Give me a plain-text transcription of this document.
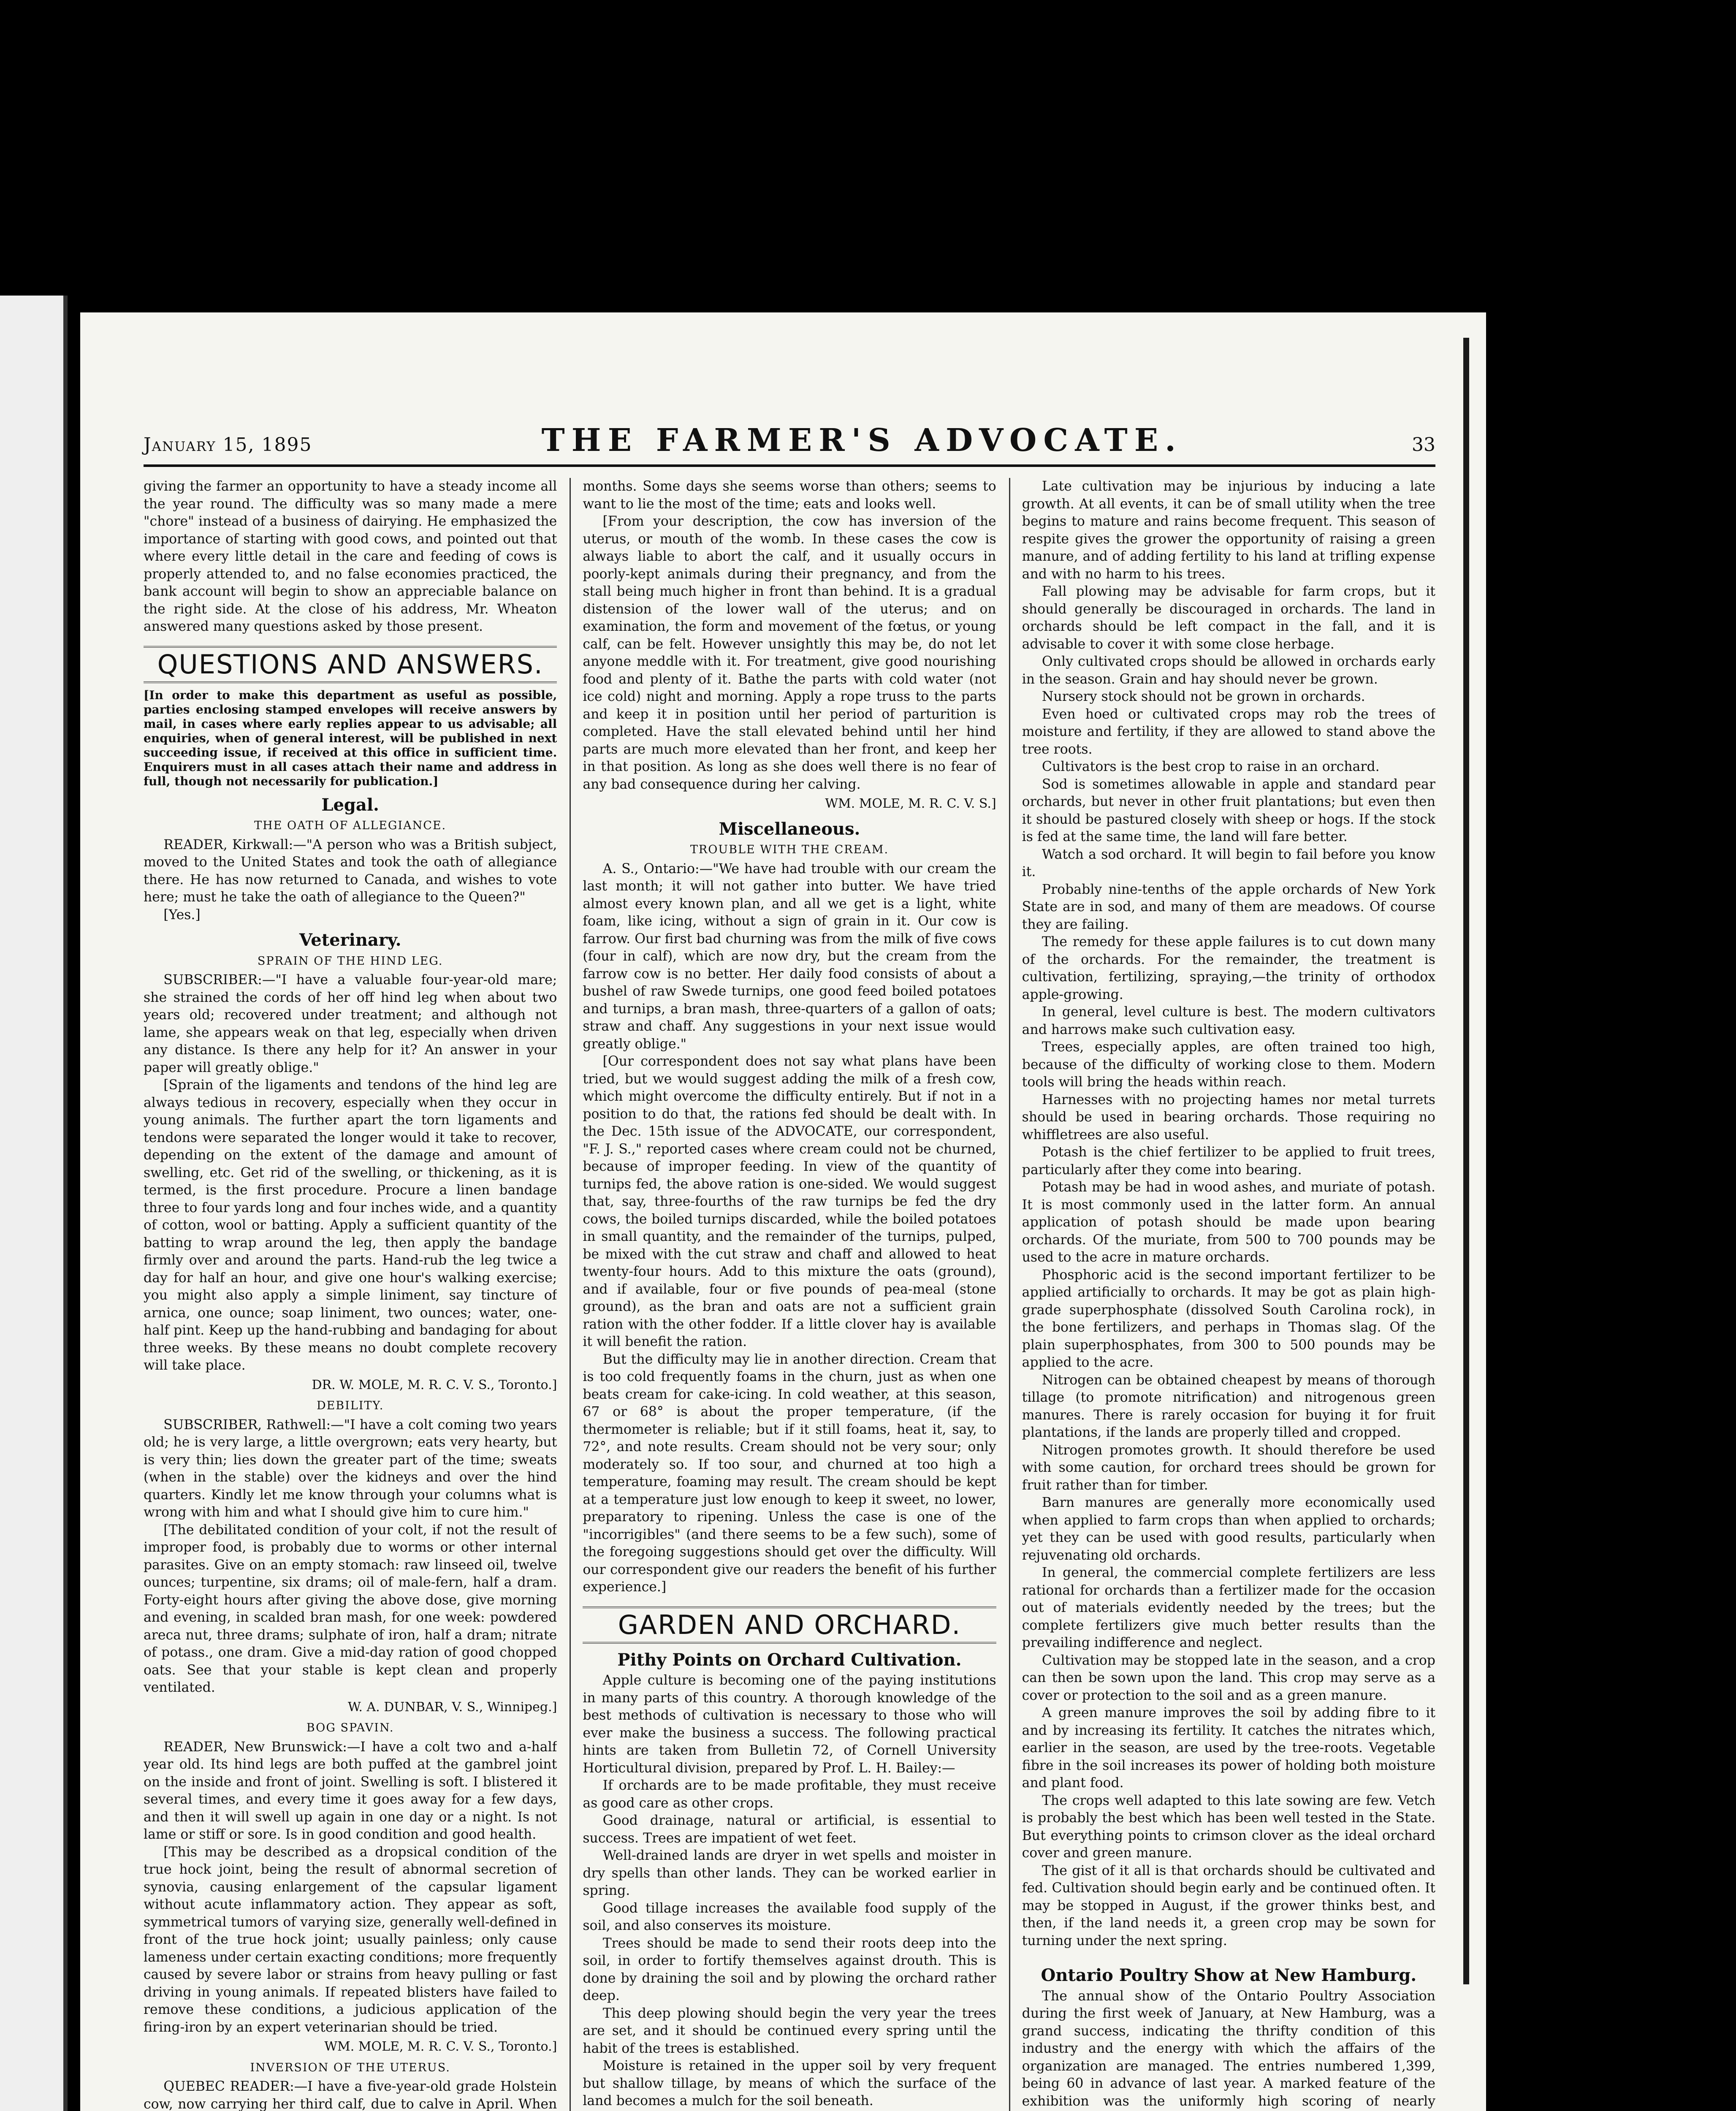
January 15, 1895	THE FARMER'S ADVOCATE.	33

giving the farmer an opportunity to have a steady income all the year round. The difficulty was so many made a mere "chore" instead of a business of dairying. He emphasized the importance of starting with good cows, and pointed out that where every little detail in the care and feeding of cows is properly attended to, and no false economies practiced, the bank account will begin to show an appreciable balance on the right side. At the close of his address, Mr. Wheaton answered many questions asked by those present.

QUESTIONS AND ANSWERS.
[In order to make this department as useful as possible, parties enclosing stamped envelopes will receive answers by mail, in cases where early replies appear to us advisable; all enquiries, when of general interest, will be published in next succeeding issue, if received at this office in sufficient time. Enquirers must in all cases attach their name and address in full, though not necessarily for publication.]
Legal.
THE OATH OF ALLEGIANCE.

READER, Kirkwall:—"A person who was a British subject, moved to the United States and took the oath of allegiance there. He has now returned to Canada, and wishes to vote here; must he take the oath of allegiance to the Queen?"

[Yes.]

Veterinary.
SPRAIN OF THE HIND LEG.

SUBSCRIBER:—"I have a valuable four-year-old mare; she strained the cords of her off hind leg when about two years old; recovered under treatment; and although not lame, she appears weak on that leg, especially when driven any distance. Is there any help for it? An answer in your paper will greatly oblige."

[Sprain of the ligaments and tendons of the hind leg are always tedious in recovery, especially when they occur in young animals. The further apart the torn ligaments and tendons were separated the longer would it take to recover, depending on the extent of the damage and amount of swelling, etc. Get rid of the swelling, or thickening, as it is termed, is the first procedure. Procure a linen bandage three to four yards long and four inches wide, and a quantity of cotton, wool or batting. Apply a sufficient quantity of the batting to wrap around the leg, then apply the bandage firmly over and around the parts. Hand-rub the leg twice a day for half an hour, and give one hour's walking exercise; you might also apply a simple liniment, say tincture of arnica, one ounce; soap liniment, two ounces; water, one-half pint. Keep up the hand-rubbing and bandaging for about three weeks. By these means no doubt complete recovery will take place.

DR. W. MOLE, M. R. C. V. S., Toronto.]
DEBILITY.

SUBSCRIBER, Rathwell:—"I have a colt coming two years old; he is very large, a little overgrown; eats very hearty, but is very thin; lies down the greater part of the time; sweats (when in the stable) over the kidneys and over the hind quarters. Kindly let me know through your columns what is wrong with him and what I should give him to cure him."

[The debilitated condition of your colt, if not the result of improper food, is probably due to worms or other internal parasites. Give on an empty stomach: raw linseed oil, twelve ounces; turpentine, six drams; oil of male-fern, half a dram. Forty-eight hours after giving the above dose, give morning and evening, in scalded bran mash, for one week: powdered areca nut, three drams; sulphate of iron, half a dram; nitrate of potass., one dram. Give a mid-day ration of good chopped oats. See that your stable is kept clean and properly ventilated.

W. A. DUNBAR, V. S., Winnipeg.]
BOG SPAVIN.

READER, New Brunswick:—I have a colt two and a-half year old. Its hind legs are both puffed at the gambrel joint on the inside and front of joint. Swelling is soft. I blistered it several times, and every time it goes away for a few days, and then it will swell up again in one day or a night. Is not lame or stiff or sore. Is in good condition and good health.

[This may be described as a dropsical condition of the true hock joint, being the result of abnormal secretion of synovia, causing enlargement of the capsular ligament without acute inflammatory action. They appear as soft, symmetrical tumors of varying size, generally well-defined in front of the true hock joint; usually painless; only cause lameness under certain exacting conditions; more frequently caused by severe labor or strains from heavy pulling or fast driving in young animals. If repeated blisters have failed to remove these conditions, a judicious application of the firing-iron by an expert veterinarian should be tried.

WM. MOLE, M. R. C. V. S., Toronto.]
INVERSION OF THE UTERUS.

QUEBEC READER:—I have a five-year-old grade Holstein cow, now carrying her third calf, due to calve in April. When

months. Some days she seems worse than others; seems to want to lie the most of the time; eats and looks well.

[From your description, the cow has inversion of the uterus, or mouth of the womb. In these cases the cow is always liable to abort the calf, and it usually occurs in poorly-kept animals during their pregnancy, and from the stall being much higher in front than behind. It is a gradual distension of the lower wall of the uterus; and on examination, the form and movement of the fœtus, or young calf, can be felt. However unsightly this may be, do not let anyone meddle with it. For treatment, give good nourishing food and plenty of it. Bathe the parts with cold water (not ice cold) night and morning. Apply a rope truss to the parts and keep it in position until her period of parturition is completed. Have the stall elevated behind until her hind parts are much more elevated than her front, and keep her in that position. As long as she does well there is no fear of any bad consequence during her calving.

WM. MOLE, M. R. C. V. S.]
Miscellaneous.
TROUBLE WITH THE CREAM.

A. S., Ontario:—"We have had trouble with our cream the last month; it will not gather into butter. We have tried almost every known plan, and all we get is a light, white foam, like icing, without a sign of grain in it. Our cow is farrow. Our first bad churning was from the milk of five cows (four in calf), which are now dry, but the cream from the farrow cow is no better. Her daily food consists of about a bushel of raw Swede turnips, one good feed boiled potatoes and turnips, a bran mash, three-quarters of a gallon of oats; straw and chaff. Any suggestions in your next issue would greatly oblige."

[Our correspondent does not say what plans have been tried, but we would suggest adding the milk of a fresh cow, which might overcome the difficulty entirely. But if not in a position to do that, the rations fed should be dealt with. In the Dec. 15th issue of the ADVOCATE, our correspondent, "F. J. S.," reported cases where cream could not be churned, because of improper feeding. In view of the quantity of turnips fed, the above ration is one-sided. We would suggest that, say, three-fourths of the raw turnips be fed the dry cows, the boiled turnips discarded, while the boiled potatoes in small quantity, and the remainder of the turnips, pulped, be mixed with the cut straw and chaff and allowed to heat twenty-four hours. Add to this mixture the oats (ground), and if available, four or five pounds of pea-meal (stone ground), as the bran and oats are not a sufficient grain ration with the other fodder. If a little clover hay is available it will benefit the ration.

But the difficulty may lie in another direction. Cream that is too cold frequently foams in the churn, just as when one beats cream for cake-icing. In cold weather, at this season, 67 or 68° is about the proper temperature, (if the thermometer is reliable; but if it still foams, heat it, say, to 72°, and note results. Cream should not be very sour; only moderately so. If too sour, and churned at too high a temperature, foaming may result. The cream should be kept at a temperature just low enough to keep it sweet, no lower, preparatory to ripening. Unless the case is one of the "incorrigibles" (and there seems to be a few such), some of the foregoing suggestions should get over the difficulty. Will our correspondent give our readers the benefit of his further experience.]

GARDEN AND ORCHARD.
Pithy Points on Orchard Cultivation.

Apple culture is becoming one of the paying institutions in many parts of this country. A thorough knowledge of the best methods of cultivation is necessary to those who will ever make the business a success. The following practical hints are taken from Bulletin 72, of Cornell University Horticultural division, prepared by Prof. L. H. Bailey:—

If orchards are to be made profitable, they must receive as good care as other crops.

Good drainage, natural or artificial, is essential to success. Trees are impatient of wet feet.

Well-drained lands are dryer in wet spells and moister in dry spells than other lands. They can be worked earlier in spring.

Good tillage increases the available food supply of the soil, and also conserves its moisture.

Trees should be made to send their roots deep into the soil, in order to fortify themselves against drouth. This is done by draining the soil and by plowing the orchard rather deep.

This deep plowing should begin the very year the trees are set, and it should be continued every spring until the habit of the trees is established.

Moisture is retained in the upper soil by very frequent but shallow tillage, by means of which the surface of the land becomes a mulch for the soil beneath.

Late cultivation may be injurious by inducing a late growth. At all events, it can be of small utility when the tree begins to mature and rains become frequent. This season of respite gives the grower the opportunity of raising a green manure, and of adding fertility to his land at trifling expense and with no harm to his trees.

Fall plowing may be advisable for farm crops, but it should generally be discouraged in orchards. The land in orchards should be left compact in the fall, and it is advisable to cover it with some close herbage.

Only cultivated crops should be allowed in orchards early in the season. Grain and hay should never be grown.

Nursery stock should not be grown in orchards.

Even hoed or cultivated crops may rob the trees of moisture and fertility, if they are allowed to stand above the tree roots.

Cultivators is the best crop to raise in an orchard.

Sod is sometimes allowable in apple and standard pear orchards, but never in other fruit plantations; but even then it should be pastured closely with sheep or hogs. If the stock is fed at the same time, the land will fare better.

Watch a sod orchard. It will begin to fail before you know it.

Probably nine-tenths of the apple orchards of New York State are in sod, and many of them are meadows. Of course they are failing.

The remedy for these apple failures is to cut down many of the orchards. For the remainder, the treatment is cultivation, fertilizing, spraying,—the trinity of orthodox apple-growing.

In general, level culture is best. The modern cultivators and harrows make such cultivation easy.

Trees, especially apples, are often trained too high, because of the difficulty of working close to them. Modern tools will bring the heads within reach.

Harnesses with no projecting hames nor metal turrets should be used in bearing orchards. Those requiring no whiffletrees are also useful.

Potash is the chief fertilizer to be applied to fruit trees, particularly after they come into bearing.

Potash may be had in wood ashes, and muriate of potash. It is most commonly used in the latter form. An annual application of potash should be made upon bearing orchards. Of the muriate, from 500 to 700 pounds may be used to the acre in mature orchards.

Phosphoric acid is the second important fertilizer to be applied artificially to orchards. It may be got as plain high-grade superphosphate (dissolved South Carolina rock), in the bone fertilizers, and perhaps in Thomas slag. Of the plain superphosphates, from 300 to 500 pounds may be applied to the acre.

Nitrogen can be obtained cheapest by means of thorough tillage (to promote nitrification) and nitrogenous green manures. There is rarely occasion for buying it for fruit plantations, if the lands are properly tilled and cropped.

Nitrogen promotes growth. It should therefore be used with some caution, for orchard trees should be grown for fruit rather than for timber.

Barn manures are generally more economically used when applied to farm crops than when applied to orchards; yet they can be used with good results, particularly when rejuvenating old orchards.

In general, the commercial complete fertilizers are less rational for orchards than a fertilizer made for the occasion out of materials evidently needed by the trees; but the complete fertilizers give much better results than the prevailing indifference and neglect.

Cultivation may be stopped late in the season, and a crop can then be sown upon the land. This crop may serve as a cover or protection to the soil and as a green manure.

A green manure improves the soil by adding fibre to it and by increasing its fertility. It catches the nitrates which, earlier in the season, are used by the tree-roots. Vegetable fibre in the soil increases its power of holding both moisture and plant food.

The crops well adapted to this late sowing are few. Vetch is probably the best which has been well tested in the State. But everything points to crimson clover as the ideal orchard cover and green manure.

The gist of it all is that orchards should be cultivated and fed. Cultivation should begin early and be continued often. It may be stopped in August, if the grower thinks best, and then, if the land needs it, a green crop may be sown for turning under the next spring.

Ontario Poultry Show at New Hamburg.

The annual show of the Ontario Poultry Association during the first week of January, at New Hamburg, was a grand success, indicating the thrifty condition of this industry and the energy with which the affairs of the organization are managed. The entries numbered 1,399, being 60 in advance of last year. A marked feature of the exhibition was the uniformly high scoring of nearly
